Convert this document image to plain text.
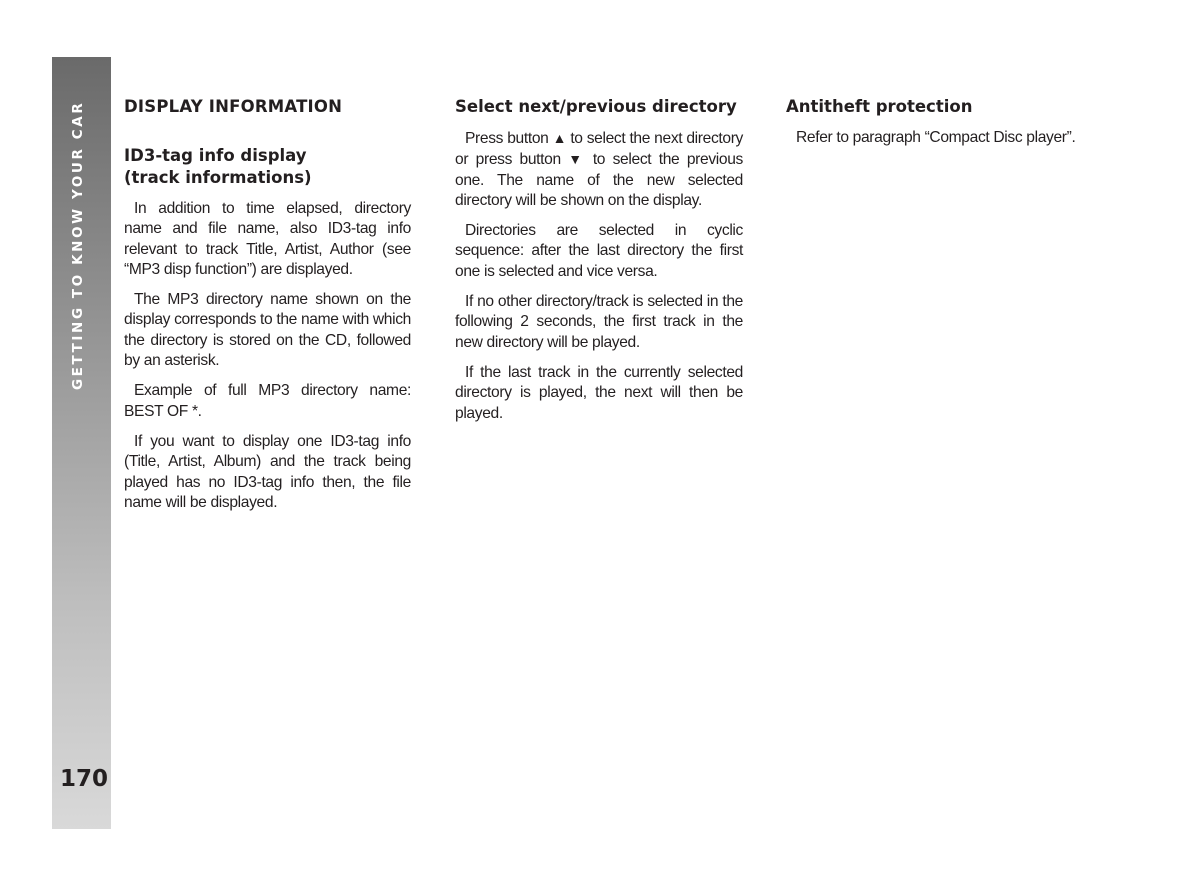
GETTING TO KNOW YOUR CAR
170
DISPLAY INFORMATION
ID3-tag info display
(track informations)

In addition to time elapsed, directory name and file name, also ID3-tag info relevant to track Title, Artist, Author (see “MP3 disp function”) are displayed.

The MP3 directory name shown on the display corresponds to the name with which the directory is stored on the CD, followed by an asterisk.

Example of full MP3 directory name: BEST OF *.

If you want to display one ID3-tag info (Title, Artist, Album) and the track being played has no ID3-tag info then, the file name will be displayed.

Select next/previous directory

Press button ▲ to select the next directory or press button ▼ to select the previous one. The name of the new selected directory will be shown on the display.

Directories are selected in cyclic sequence: after the last directory the first one is selected and vice versa.

If no other directory/track is selected in the following 2 seconds, the first track in the new directory will be played.

If the last track in the currently selected directory is played, the next will then be played.

Antitheft protection

Refer to paragraph “Compact Disc player”.
